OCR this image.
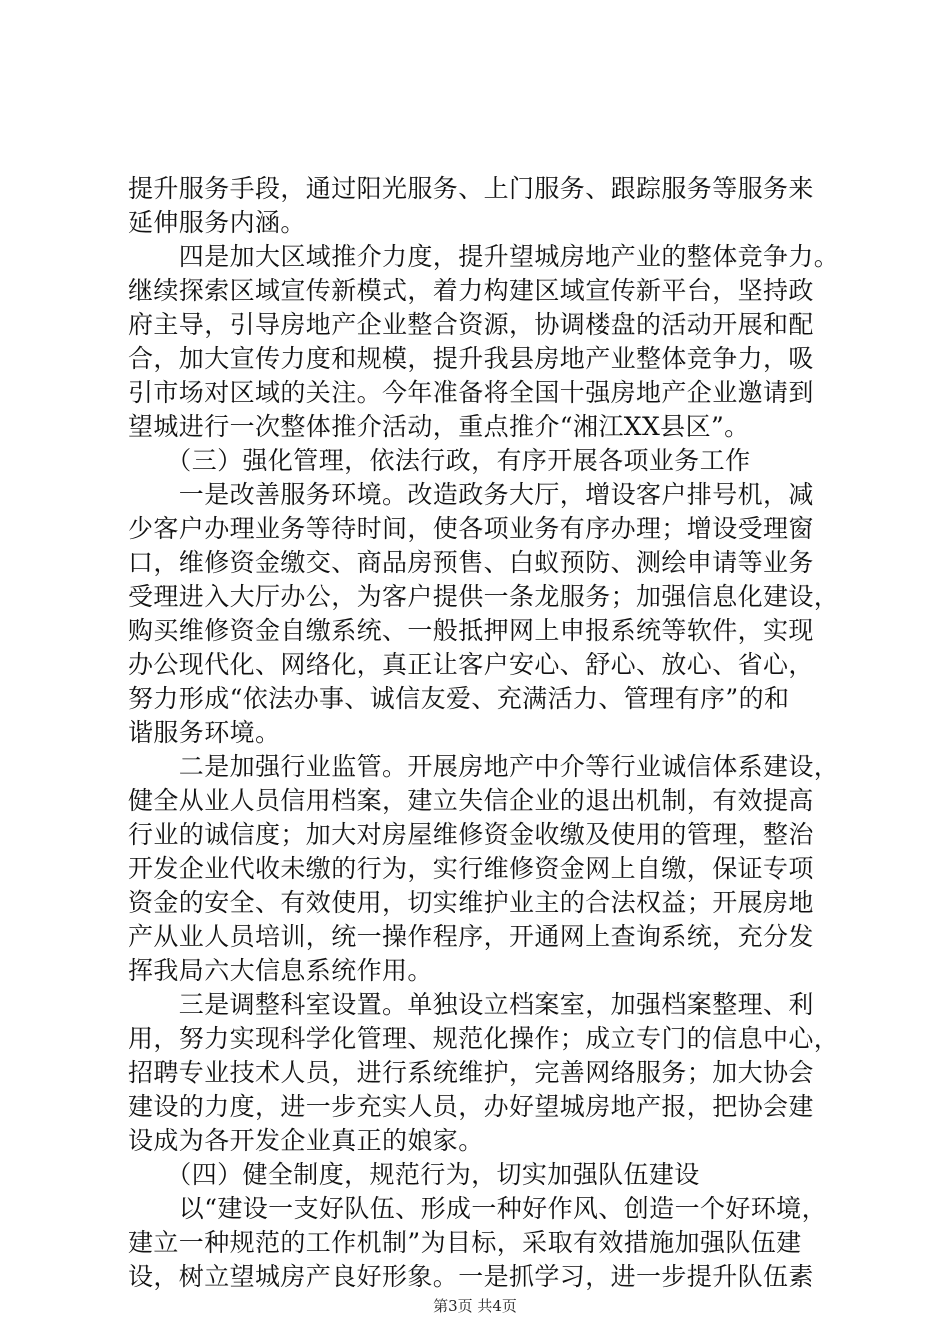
提升服务手段，通过阳光服务、上门服务、跟踪服务等服务来

延伸服务内涵。

　　四是加大区域推介力度，提升望城房地产业的整体竞争力。

继续探索区域宣传新模式，着力构建区域宣传新平台，坚持政

府主导，引导房地产企业整合资源，协调楼盘的活动开展和配

合，加大宣传力度和规模，提升我县房地产业整体竞争力，吸

引市场对区域的关注。今年准备将全国十强房地产企业邀请到

望城进行一次整体推介活动，重点推介“湘江XX县区”。

　　（三）强化管理，依法行政，有序开展各项业务工作

　　一是改善服务环境。改造政务大厅，增设客户排号机，减

少客户办理业务等待时间，使各项业务有序办理；增设受理窗

口，维修资金缴交、商品房预售、白蚁预防、测绘申请等业务

受理进入大厅办公，为客户提供一条龙服务；加强信息化建设，

购买维修资金自缴系统、一般抵押网上申报系统等软件，实现

办公现代化、网络化，真正让客户安心、舒心、放心、省心，

努力形成“依法办事、诚信友爱、充满活力、管理有序”的和

谐服务环境。

　　二是加强行业监管。开展房地产中介等行业诚信体系建设，

健全从业人员信用档案，建立失信企业的退出机制，有效提高

行业的诚信度；加大对房屋维修资金收缴及使用的管理，整治

开发企业代收未缴的行为，实行维修资金网上自缴，保证专项

资金的安全、有效使用，切实维护业主的合法权益；开展房地

产从业人员培训，统一操作程序，开通网上查询系统，充分发

挥我局六大信息系统作用。

　　三是调整科室设置。单独设立档案室，加强档案整理、利

用，努力实现科学化管理、规范化操作；成立专门的信息中心，

招聘专业技术人员，进行系统维护，完善网络服务；加大协会

建设的力度，进一步充实人员，办好望城房地产报，把协会建

设成为各开发企业真正的娘家。

　　（四）健全制度，规范行为，切实加强队伍建设

　　以“建设一支好队伍、形成一种好作风、创造一个好环境，

建立一种规范的工作机制”为目标，采取有效措施加强队伍建

设，树立望城房产良好形象。一是抓学习，进一步提升队伍素

第3页 共4页
